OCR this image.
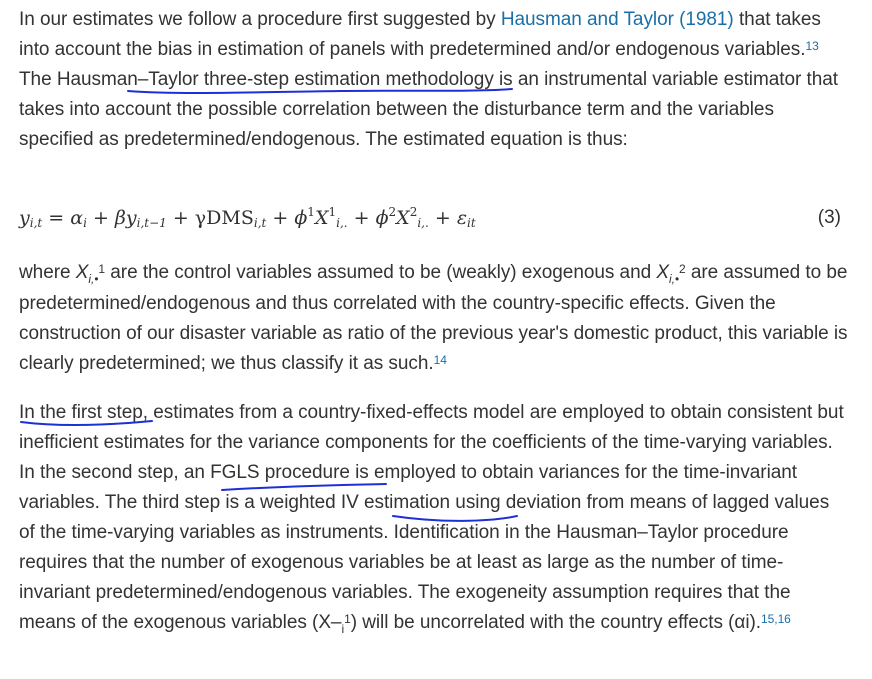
In our estimates we follow a procedure first suggested by Hausman and Taylor (1981) that takes into account the bias in estimation of panels with predetermined and/or endogenous variables.$^{13}$ The Hausman–Taylor three-step estimation methodology is an instrumental variable estimator that takes into account the possible correlation between the disturbance term and the variables specified as predetermined/endogenous. The estimated equation is thus:

$y_{i,t} = \alpha_i + \beta y_{i,t-1} + \gamma DMS_{i,t} + \phi^1X^1_{i,.} + \phi^2X^2_{i,.} + \varepsilon_{it}$	(3)

where $X_{i,•}^1$ are the control variables assumed to be (weakly) exogenous and $X_{i,•}^2$ are assumed to be predetermined/endogenous and thus correlated with the country-specific effects. Given the construction of our disaster variable as ratio of the previous year's domestic product, this variable is clearly predetermined; we thus classify it as such.$^{14}$

In the first step, estimates from a country-fixed-effects model are employed to obtain consistent but inefficient estimates for the variance components for the coefficients of the time-varying variables. In the second step, an FGLS procedure is employed to obtain variances for the time-invariant variables. The third step is a weighted IV estimation using deviation from means of lagged values of the time-varying variables as instruments. Identification in the Hausman–Taylor procedure requires that the number of exogenous variables be at least as large as the number of time-invariant predetermined/endogenous variables. The exogeneity assumption requires that the means of the exogenous variables $(X-_i^1)$ will be uncorrelated with the country effects (αi).$^{15,16}$
